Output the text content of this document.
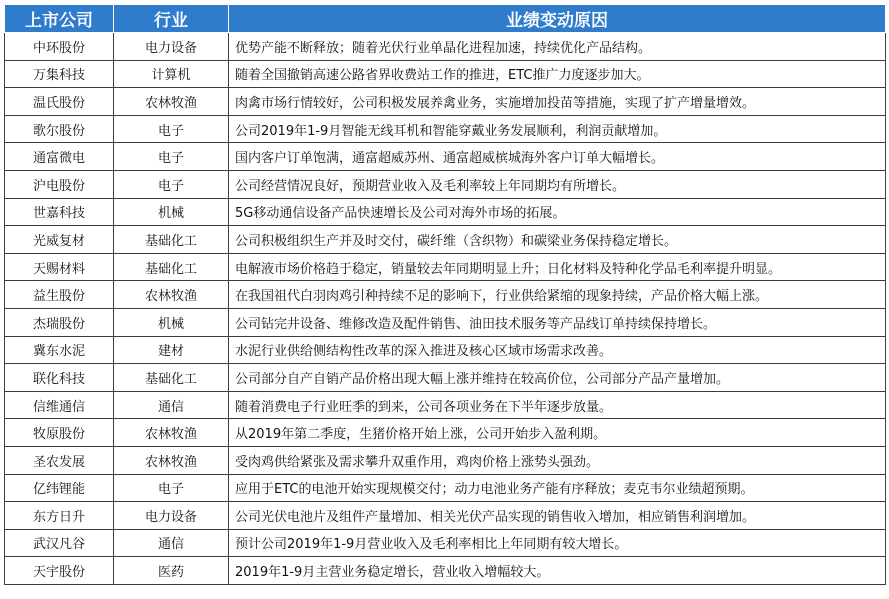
上市公司	行业	业绩变动原因
中环股份	电力设备	优势产能不断释放；随着光伏行业单晶化进程加速，持续优化产品结构。
万集科技	计算机	随着全国撤销高速公路省界收费站工作的推进，ETC推广力度逐步加大。
温氏股份	农林牧渔	肉禽市场行情较好，公司积极发展养禽业务，实施增加投苗等措施，实现了扩产增量增效。
歌尔股份	电子	公司2019年1-9月智能无线耳机和智能穿戴业务发展顺利，利润贡献增加。
通富微电	电子	国内客户订单饱满，通富超威苏州、通富超威槟城海外客户订单大幅增长。
沪电股份	电子	公司经营情况良好，预期营业收入及毛利率较上年同期均有所增长。
世嘉科技	机械	5G移动通信设备产品快速增长及公司对海外市场的拓展。
光威复材	基础化工	公司积极组织生产并及时交付，碳纤维（含织物）和碳梁业务保持稳定增长。
天赐材料	基础化工	电解液市场价格趋于稳定，销量较去年同期明显上升；日化材料及特种化学品毛利率提升明显。
益生股份	农林牧渔	在我国祖代白羽肉鸡引种持续不足的影响下，行业供给紧缩的现象持续，产品价格大幅上涨。
杰瑞股份	机械	公司钻完井设备、维修改造及配件销售、油田技术服务等产品线订单持续保持增长。
冀东水泥	建材	水泥行业供给侧结构性改革的深入推进及核心区域市场需求改善。
联化科技	基础化工	公司部分自产自销产品价格出现大幅上涨并维持在较高价位，公司部分产品产量增加。
信维通信	通信	随着消费电子行业旺季的到来，公司各项业务在下半年逐步放量。
牧原股份	农林牧渔	从2019年第二季度，生猪价格开始上涨，公司开始步入盈利期。
圣农发展	农林牧渔	受肉鸡供给紧张及需求攀升双重作用，鸡肉价格上涨势头强劲。
亿纬锂能	电子	应用于ETC的电池开始实现规模交付；动力电池业务产能有序释放；麦克韦尔业绩超预期。
东方日升	电力设备	公司光伏电池片及组件产量增加、相关光伏产品实现的销售收入增加，相应销售利润增加。
武汉凡谷	通信	预计公司2019年1-9月营业收入及毛利率相比上年同期有较大增长。
天宇股份	医药	2019年1-9月主营业务稳定增长，营业收入增幅较大。
